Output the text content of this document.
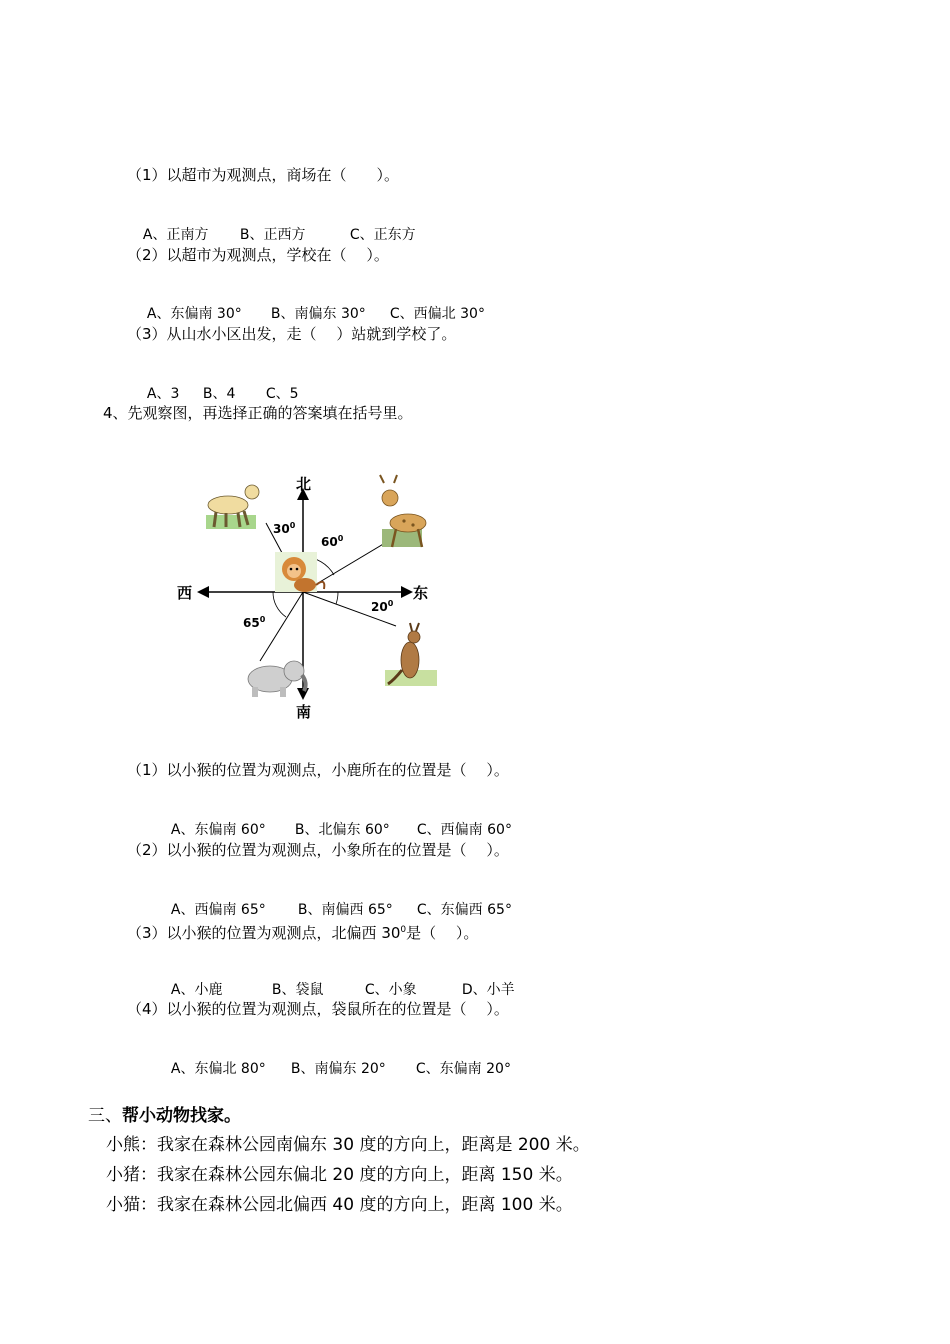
（1）以超市为观测点，商场在（　　）。

A、正南方 B、正西方	C、正东方

（2）以超市为观测点，学校在（　 ）。

A、东偏南 30° B、南偏东 30° C、西偏北 30°

（3）从山水小区出发，走（　 ）站就到学校了。

A、3 B、4 C、5

4、先观察图，再选择正确的答案填在括号里。
北
南
东
西
$30^0$
$60^0$
$20^0$
$65^0$
（1）以小猴的位置为观测点，小鹿所在的位置是（　 ）。

A、东偏南 60° B、北偏东 60° C、西偏南 60°

（2）以小猴的位置为观测点，小象所在的位置是（　 ）。

A、西偏南 65° B、南偏西 65° C、东偏西 65°

（3）以小猴的位置为观测点，北偏西 $30^0$是（　 ）。

A、小鹿	B、袋鼠	C、小象	D、小羊

（4）以小猴的位置为观测点，袋鼠所在的位置是（　 ）。

A、东偏北 80° B、南偏东 20° C、东偏南 20°

三、帮小动物找家。
小熊：我家在森林公园南偏东 30 度的方向上，距离是 200 米。
小猪：我家在森林公园东偏北 20 度的方向上，距离 150 米。
小猫：我家在森林公园北偏西 40 度的方向上，距离 100 米。
